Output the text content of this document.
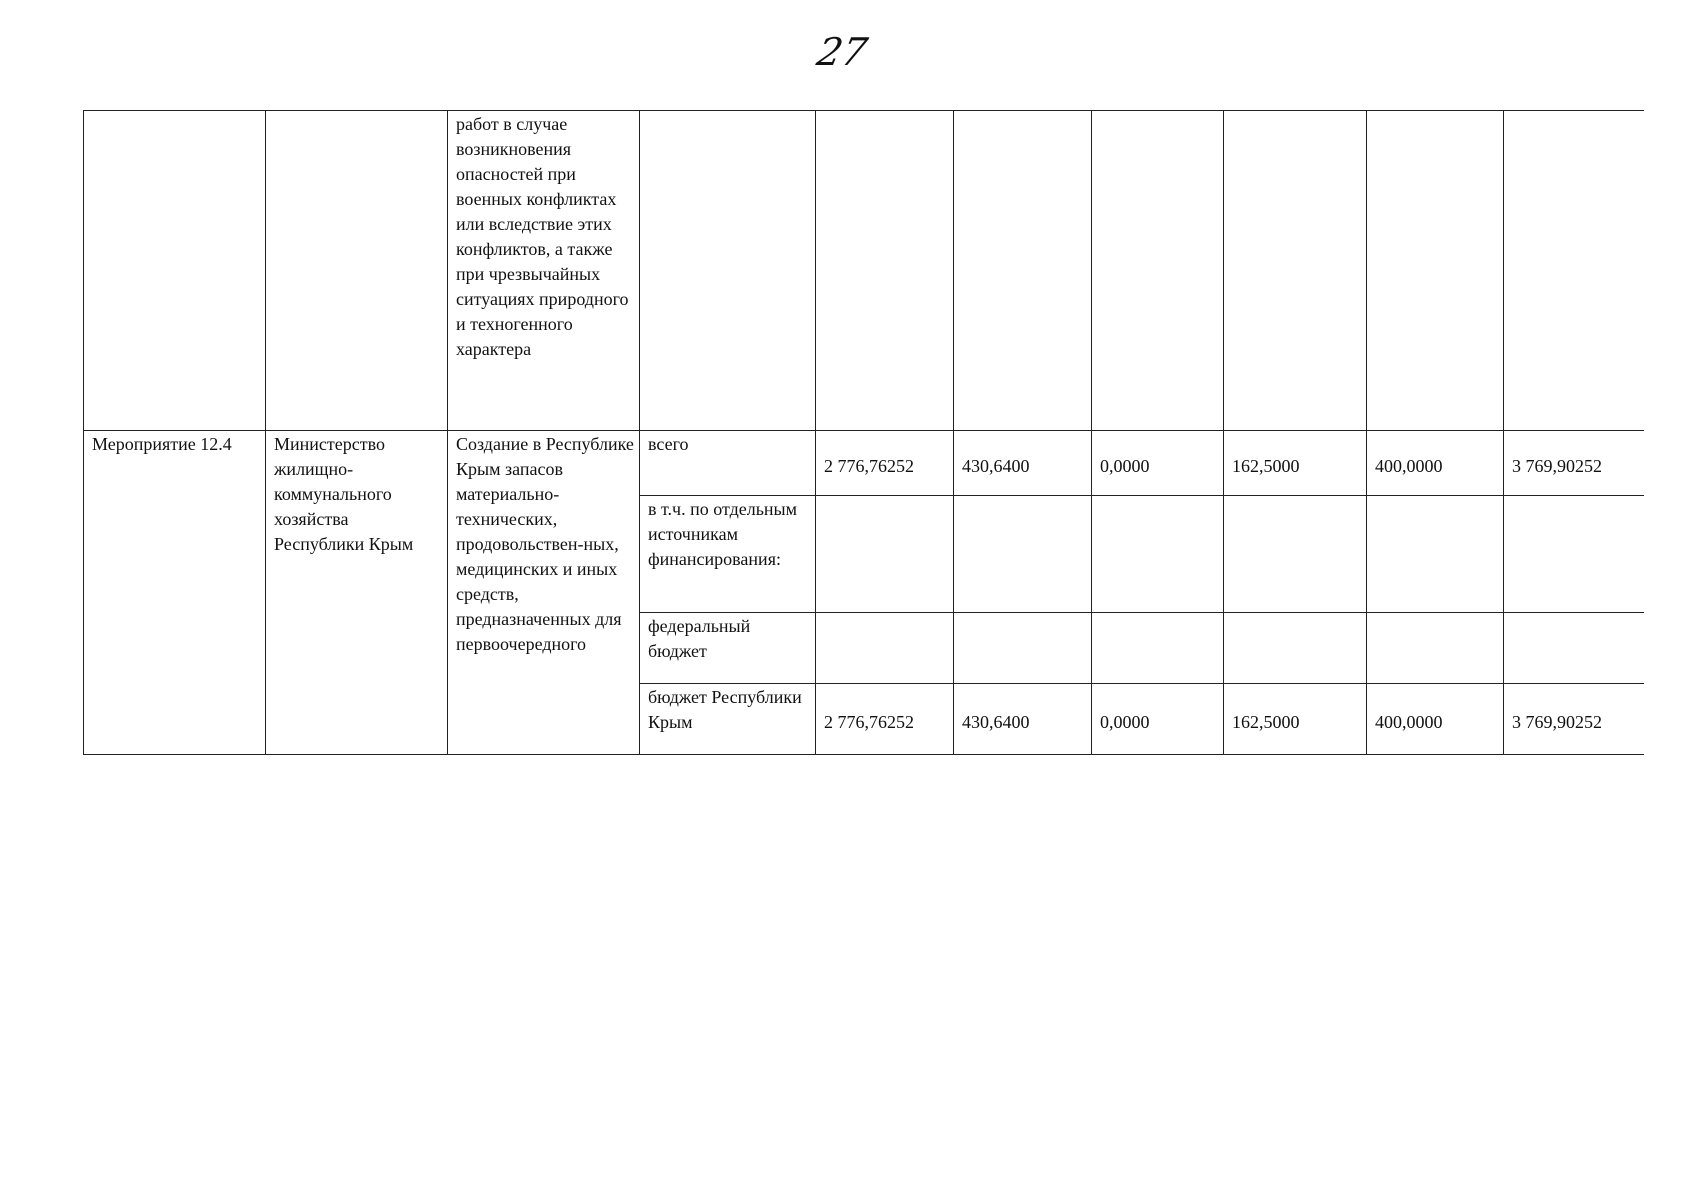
27
		работ в случае возникновения опасностей при военных конфликтах или вследствие этих конфликтов, а также при чрезвычайных ситуациях природного и техногенного характера							
Мероприятие 12.4	Министерство жилищно-коммунального хозяйства Республики Крым	Создание в Республике Крым запасов материально-технических, продовольствен-ных, медицинских и иных средств, предназначенных для первоочередного	всего	2 776,76252	430,6400	0,0000	162,5000	400,0000	3 769,90252
			в т.ч. по отдельным источникам финансирования:						
			федеральный бюджет						
			бюджет Республики Крым	2 776,76252	430,6400	0,0000	162,5000	400,0000	3 769,90252
